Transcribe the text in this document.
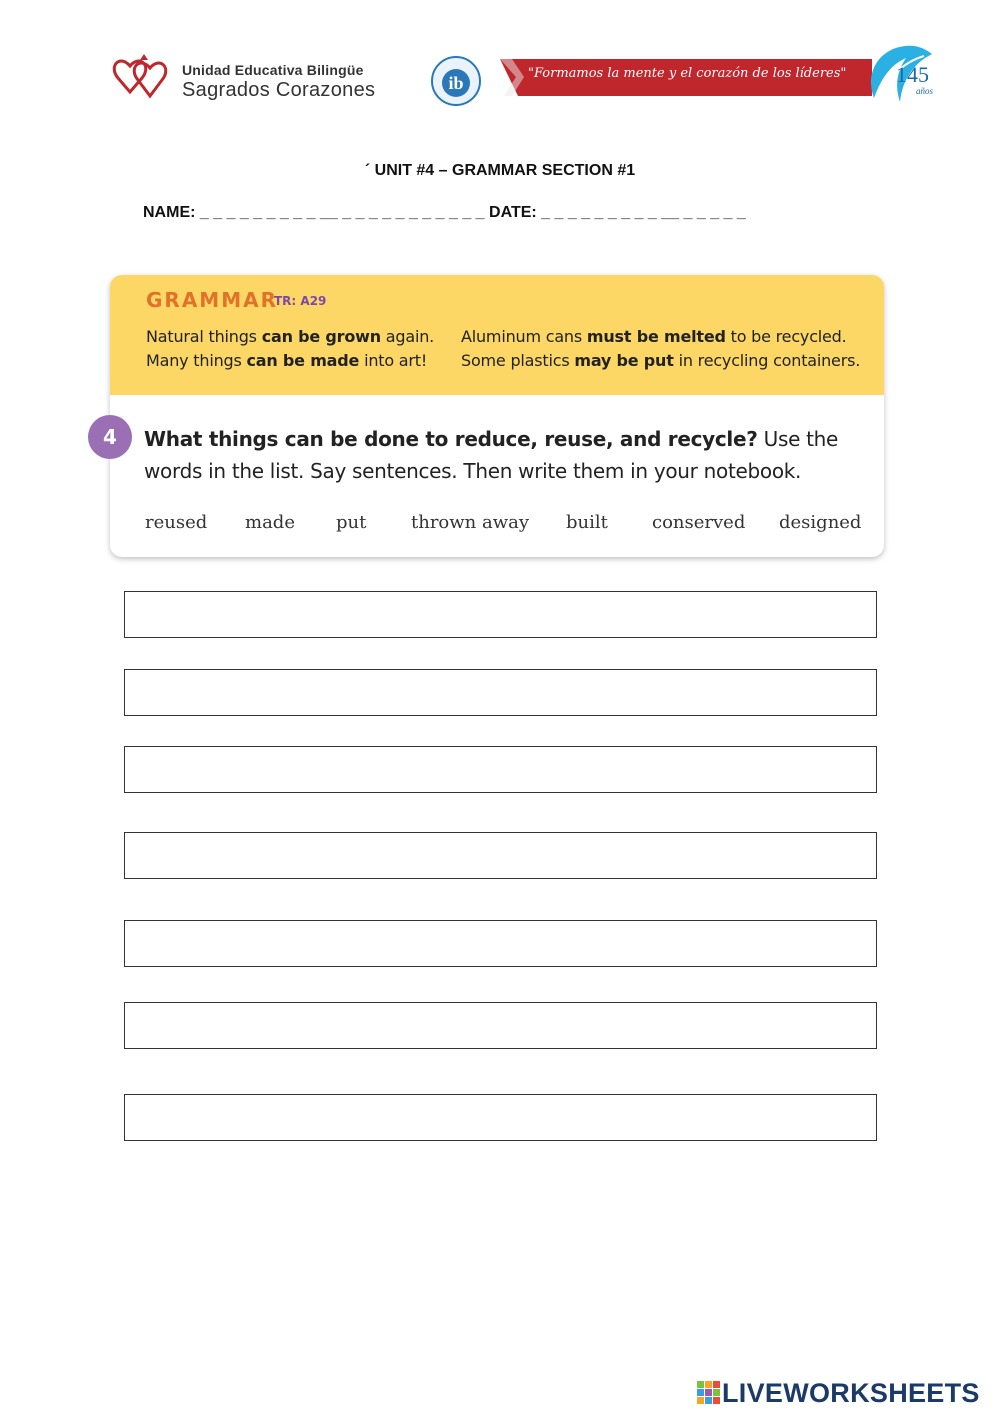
Unidad Educativa Bilingüe
Sagrados Corazones	ib	"Formamos la mente y el corazón de los líderes"	145
años
´ UNIT #4 – GRAMMAR SECTION #1
NAME: _ _ _ _ _ _ _ _ _ __ _ _ _ _ _ _ _ _ _ _ _ DATE: _ _ _ _ _ _ _ _ _ __ _ _ _ _ _
GRAMMAR
TR: A29
Natural things can be grown again.
Many things can be made into art!
Aluminum cans must be melted to be recycled.
Some plastics may be put in recycling containers.
What things can be done to reduce, reuse, and recycle? Use the words in the list. Say sentences. Then write them in your notebook.
reused made put thrown away built conserved designed
4
LIVEWORKSHEETS
